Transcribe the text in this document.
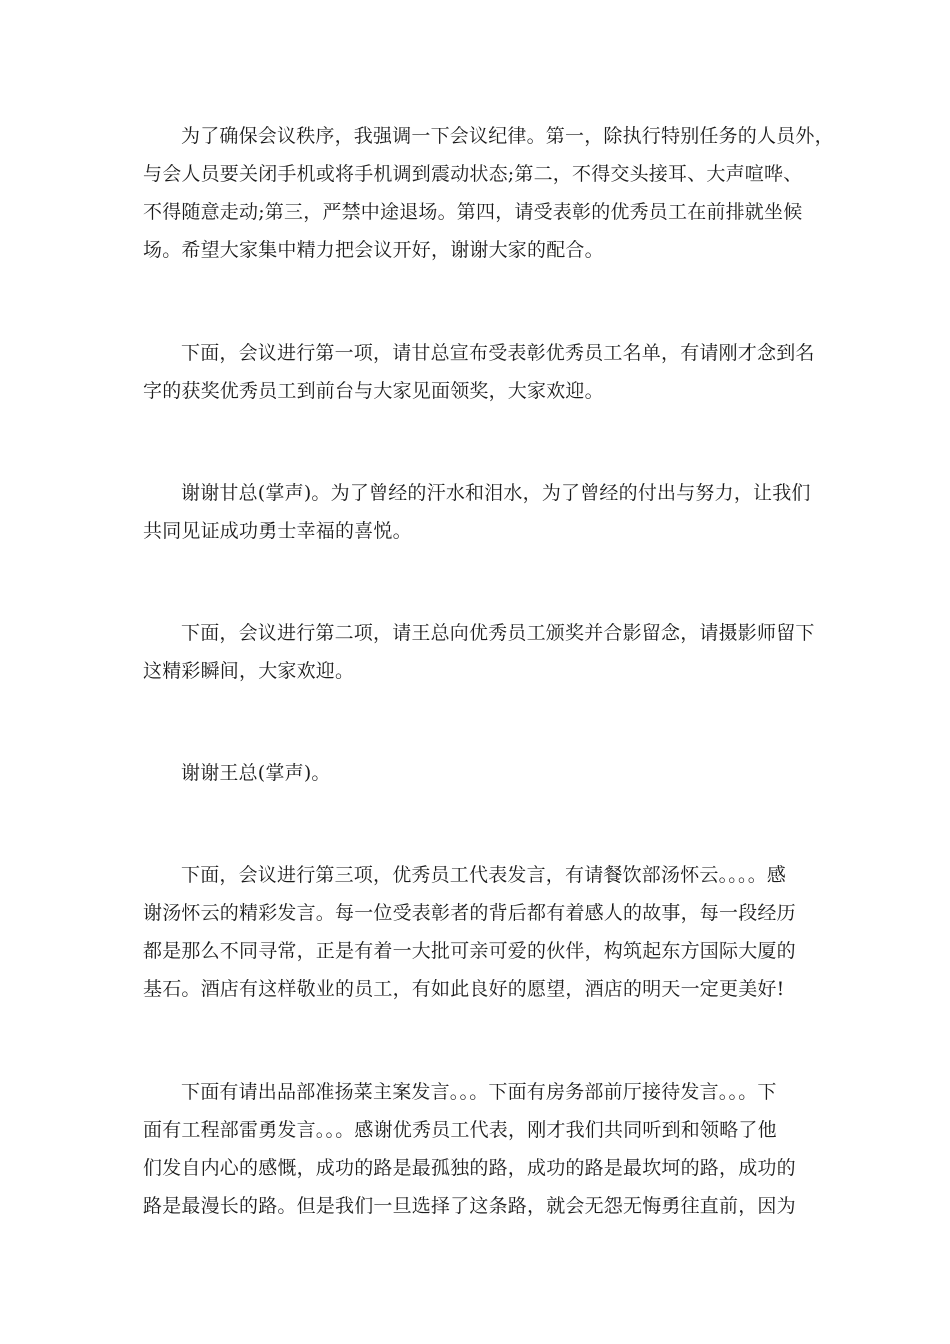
为了确保会议秩序，我强调一下会议纪律。第一，除执行特别任务的人员外，
与会人员要关闭手机或将手机调到震动状态;第二，不得交头接耳、大声喧哗、
不得随意走动;第三，严禁中途退场。第四，请受表彰的优秀员工在前排就坐候
场。希望大家集中精力把会议开好，谢谢大家的配合。
下面，会议进行第一项，请甘总宣布受表彰优秀员工名单，有请刚才念到名
字的获奖优秀员工到前台与大家见面领奖，大家欢迎。
谢谢甘总(掌声)。为了曾经的汗水和泪水，为了曾经的付出与努力，让我们
共同见证成功勇士幸福的喜悦。
下面，会议进行第二项，请王总向优秀员工颁奖并合影留念，请摄影师留下
这精彩瞬间，大家欢迎。
谢谢王总(掌声)。
下面，会议进行第三项，优秀员工代表发言，有请餐饮部汤怀云。。。。感
谢汤怀云的精彩发言。每一位受表彰者的背后都有着感人的故事，每一段经历
都是那么不同寻常，正是有着一大批可亲可爱的伙伴，构筑起东方国际大厦的
基石。酒店有这样敬业的员工，有如此良好的愿望，酒店的明天一定更美好!
下面有请出品部准扬菜主案发言。。。下面有房务部前厅接待发言。。。下
面有工程部雷勇发言。。。感谢优秀员工代表，刚才我们共同听到和领略了他
们发自内心的感慨，成功的路是最孤独的路，成功的路是最坎坷的路，成功的
路是最漫长的路。但是我们一旦选择了这条路，就会无怨无悔勇往直前，因为
